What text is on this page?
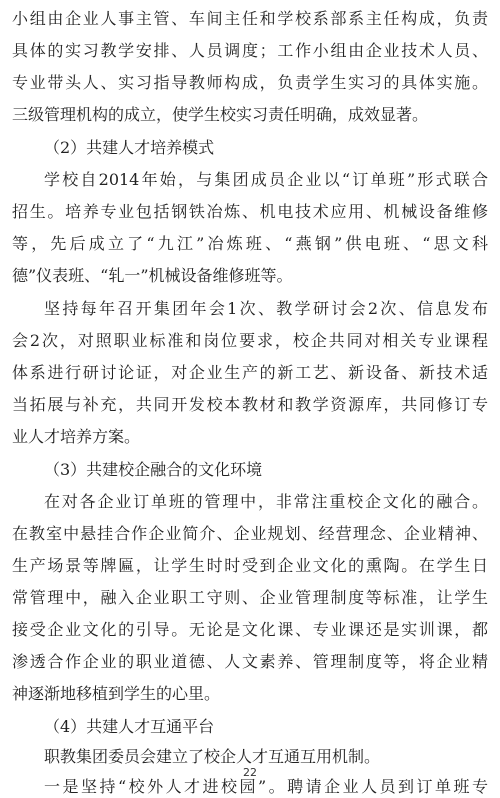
小组由企业人事主管、车间主任和学校系部系主任构成，负责
具体的实习教学安排、人员调度；工作小组由企业技术人员、
专业带头人、实习指导教师构成，负责学生实习的具体实施。
三级管理机构的成立，使学生校实习责任明确，成效显著。
（2）共建人才培养模式
学校自2014年始，与集团成员企业以“订单班”形式联合
招生。培养专业包括钢铁冶炼、机电技术应用、机械设备维修
等，先后成立了“九江”冶炼班、“燕钢”供电班、“思文科
德”仪表班、“轧一”机械设备维修班等。
坚持每年召开集团年会1次、教学研讨会2次、信息发布
会2次，对照职业标准和岗位要求，校企共同对相关专业课程
体系进行研讨论证，对企业生产的新工艺、新设备、新技术适
当拓展与补充，共同开发校本教材和教学资源库，共同修订专
业人才培养方案。
（3）共建校企融合的文化环境
在对各企业订单班的管理中，非常注重校企文化的融合。
在教室中悬挂合作企业简介、企业规划、经营理念、企业精神、
生产场景等牌匾，让学生时时受到企业文化的熏陶。在学生日
常管理中，融入企业职工守则、企业管理制度等标准，让学生
接受企业文化的引导。无论是文化课、专业课还是实训课，都
渗透合作企业的职业道德、人文素养、管理制度等，将企业精
神逐渐地移植到学生的心里。
（4）共建人才互通平台
职教集团委员会建立了校企人才互通互用机制。
一是坚持“校外人才进校园”。聘请企业人员到订单班专
22
